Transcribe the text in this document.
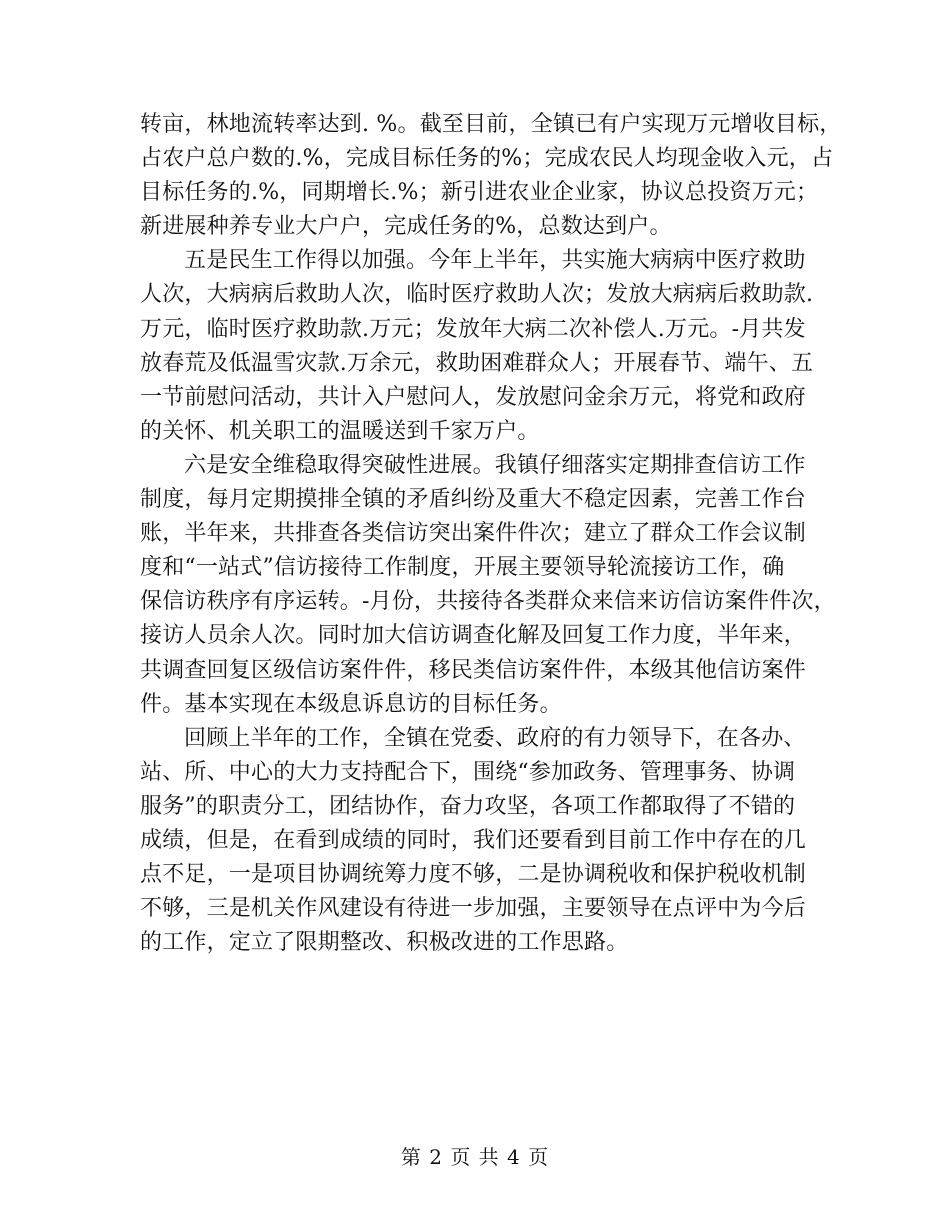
转亩，林地流转率达到. %。截至目前，全镇已有户实现万元增收目标，
占农户总户数的.%，完成目标任务的%；完成农民人均现金收入元，占
目标任务的.%，同期增长.%；新引进农业企业家，协议总投资万元；
新进展种养专业大户户，完成任务的%，总数达到户。
五是民生工作得以加强。今年上半年，共实施大病病中医疗救助
人次，大病病后救助人次，临时医疗救助人次；发放大病病后救助款.
万元，临时医疗救助款.万元；发放年大病二次补偿人.万元。-月共发
放春荒及低温雪灾款.万余元，救助困难群众人；开展春节、端午、五
一节前慰问活动，共计入户慰问人，发放慰问金余万元，将党和政府
的关怀、机关职工的温暖送到千家万户。
六是安全维稳取得突破性进展。我镇仔细落实定期排查信访工作
制度，每月定期摸排全镇的矛盾纠纷及重大不稳定因素，完善工作台
账，半年来，共排查各类信访突出案件件次；建立了群众工作会议制
度和“一站式”信访接待工作制度，开展主要领导轮流接访工作，确
保信访秩序有序运转。-月份，共接待各类群众来信来访信访案件件次，
接访人员余人次。同时加大信访调查化解及回复工作力度，半年来，
共调查回复区级信访案件件，移民类信访案件件，本级其他信访案件
件。基本实现在本级息诉息访的目标任务。
回顾上半年的工作，全镇在党委、政府的有力领导下，在各办、
站、所、中心的大力支持配合下，围绕“参加政务、管理事务、协调
服务”的职责分工，团结协作，奋力攻坚，各项工作都取得了不错的
成绩，但是，在看到成绩的同时，我们还要看到目前工作中存在的几
点不足，一是项目协调统筹力度不够，二是协调税收和保护税收机制
不够，三是机关作风建设有待进一步加强，主要领导在点评中为今后
的工作，定立了限期整改、积极改进的工作思路。
第 2 页 共 4 页
